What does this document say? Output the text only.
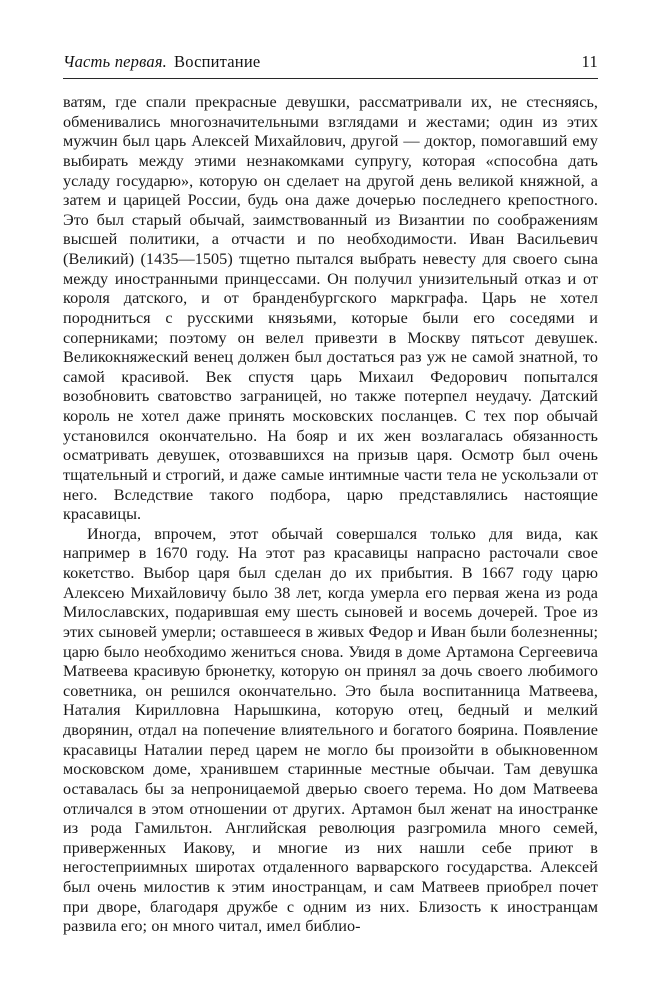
Часть первая. Воспитание	11

ватям, где спали прекрасные девушки, рассматривали их, не стесняясь, обменивались многозначительными взглядами и жестами; один из этих мужчин был царь Алексей Михайлович, другой — доктор, помогавший ему выбирать между этими незнакомками супругу, которая «способна дать усладу государю», которую он сделает на другой день великой княжной, а затем и царицей России, будь она даже дочерью последнего крепостного. Это был старый обычай, заимствованный из Византии по соображениям высшей политики, а отчасти и по необходимости. Иван Васильевич (Великий) (1435—1505) тщетно пытался выбрать невесту для своего сына между иностранными принцессами. Он получил унизительный отказ и от короля датского, и от бранденбургского маркграфа. Царь не хотел породниться с русскими князьями, которые были его соседями и соперниками; поэтому он велел привезти в Москву пятьсот девушек. Великокняжеский венец должен был достаться раз уж не самой знатной, то самой красивой. Век спустя царь Михаил Федорович попытался возобновить сватовство заграницей, но также потерпел неудачу. Датский король не хотел даже принять московских посланцев. С тех пор обычай установился окончательно. На бояр и их жен возлагалась обязанность осматривать девушек, отозвавшихся на призыв царя. Осмотр был очень тщательный и строгий, и даже самые интимные части тела не ускользали от него. Вследствие такого подбора, царю представлялись настоящие красавицы.

Иногда, впрочем, этот обычай совершался только для вида, как например в 1670 году. На этот раз красавицы напрасно расточали свое кокетство. Выбор царя был сделан до их прибытия. В 1667 году царю Алексею Михайловичу было 38 лет, когда умерла его первая жена из рода Милославских, подарившая ему шесть сыновей и восемь дочерей. Трое из этих сыновей умерли; оставшееся в живых Федор и Иван были болезненны; царю было необходимо жениться снова. Увидя в доме Артамона Сергеевича Матвеева красивую брюнетку, которую он принял за дочь своего любимого советника, он решился окончательно. Это была воспитанница Матвеева, Наталия Кирилловна Нарышкина, которую отец, бедный и мелкий дворянин, отдал на попечение влиятельного и богатого боярина. Появление красавицы Наталии перед царем не могло бы произойти в обыкновенном московском доме, хранившем старинные местные обычаи. Там девушка оставалась бы за непроницаемой дверью своего терема. Но дом Матвеева отличался в этом отношении от других. Артамон был женат на иностранке из рода Гамильтон. Английская революция разгромила много семей, приверженных Иакову, и многие из них нашли себе приют в негостеприимных широтах отдаленного варварского государства. Алексей был очень милостив к этим иностранцам, и сам Матвеев приобрел почет при дворе, благодаря дружбе с одним из них. Близость к иностранцам развила его; он много читал, имел библио-
